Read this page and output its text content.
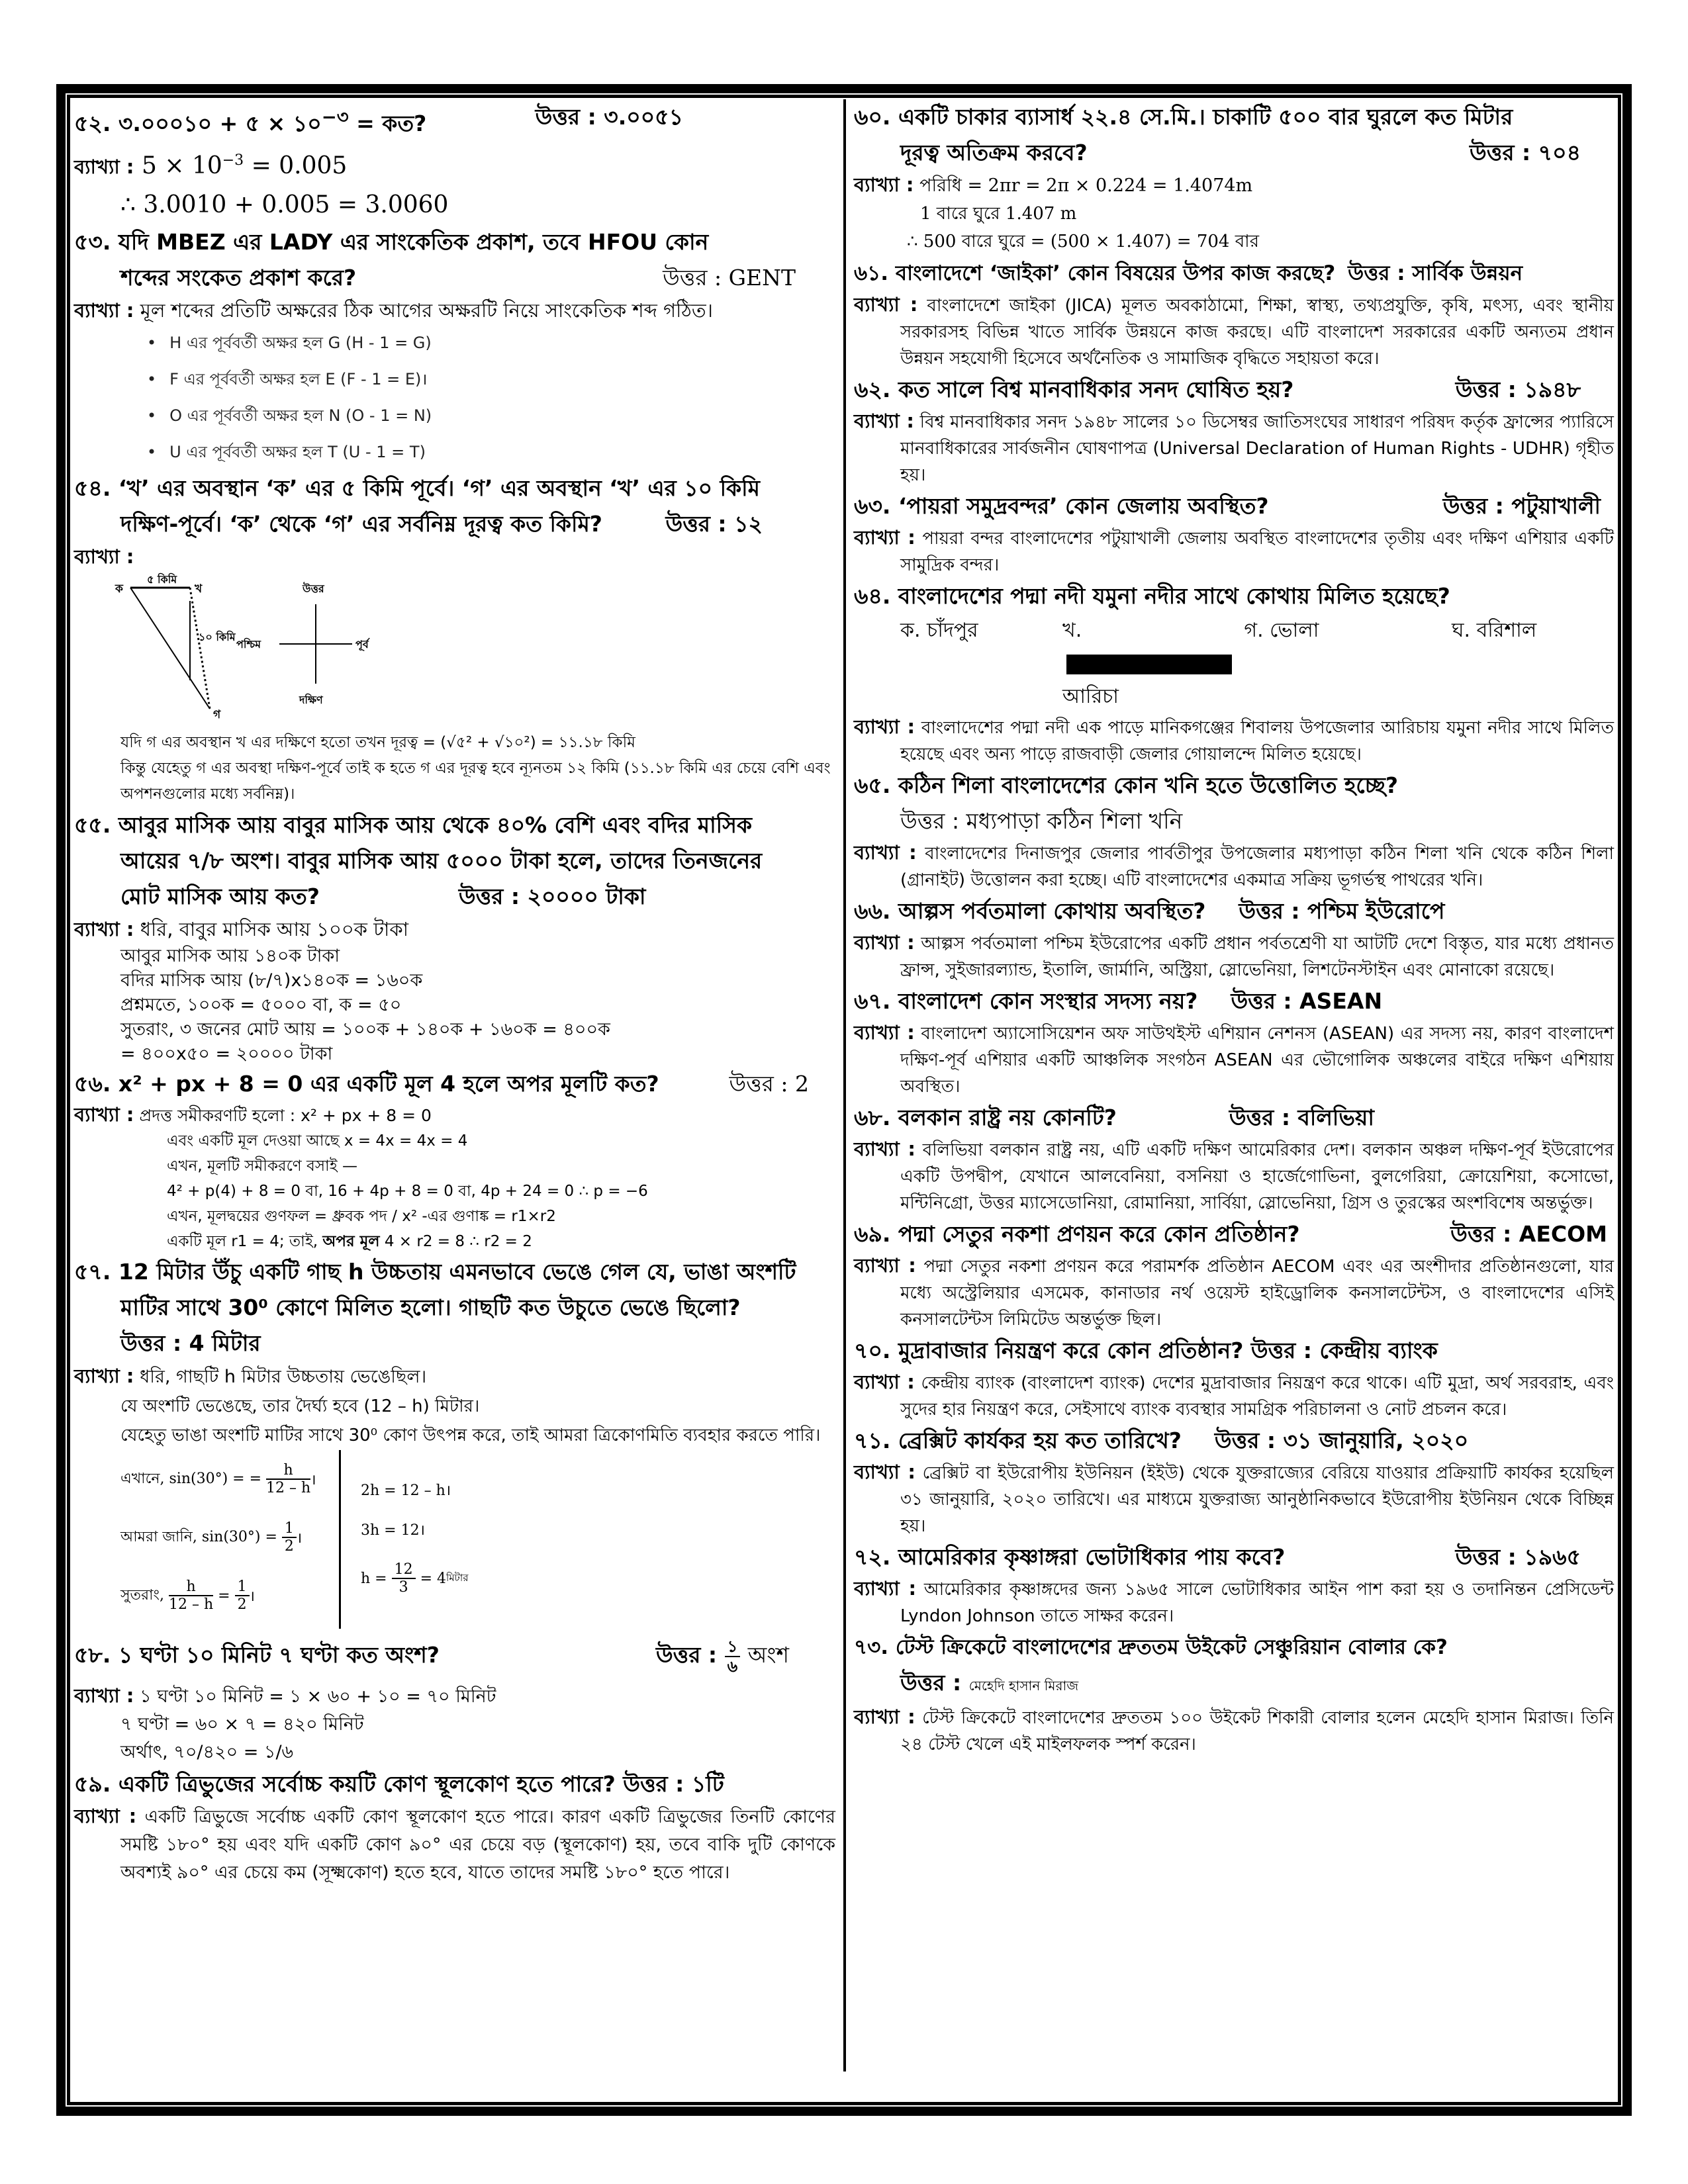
৫২. ৩.০০০১০ + ৫ × $১০^{-৩}$ = কত?	উত্তর : ৩.০০৫১
ব্যাখ্যা : $5 \times 10^{-3} = 0.005$
∴ 3.0010 + 0.005 = 3.0060
৫৩. যদি MBEZ এর LADY এর সাংকেতিক প্রকাশ, তবে HFOU কোন
শব্দের সংকেত প্রকাশ করে?	উত্তর : GENT
ব্যাখ্যা : মূল শব্দের প্রতিটি অক্ষরের ঠিক আগের অক্ষরটি নিয়ে সাংকেতিক শব্দ গঠিত।
• H এর পূর্ববর্তী অক্ষর হল G (H - 1 = G)
• F এর পূর্ববর্তী অক্ষর হল E (F - 1 = E)।
• O এর পূর্ববর্তী অক্ষর হল N (O - 1 = N)
• U এর পূর্ববর্তী অক্ষর হল T (U - 1 = T)
৫৪. ‘খ’ এর অবস্থান ‘ক’ এর ৫ কিমি পূর্বে। ‘গ’ এর অবস্থান ‘খ’ এর ১০ কিমি
দক্ষিণ-পূর্বে। ‘ক’ থেকে ‘গ’ এর সর্বনিম্ন দূরত্ব কত কিমি?	উত্তর : ১২
ব্যাখ্যা :
ক	খ
গ
৫ কিমি
১০ কিমি
উত্তর
দক্ষিণ
পশ্চিম	পূর্ব
যদি গ এর অবস্থান খ এর দক্ষিণে হতো তখন দূরত্ব = (√৫² + √১০²) = ১১.১৮ কিমি
কিন্তু যেহেতু গ এর অবস্থা দক্ষিণ-পূর্বে তাই ক হতে গ এর দূরত্ব হবে ন্যূনতম ১২ কিমি (১১.১৮ কিমি এর চেয়ে বেশি এবং অপশনগুলোর মধ্যে সর্বনিম্ন)।
৫৫. আবুর মাসিক আয় বাবুর মাসিক আয় থেকে ৪০% বেশি এবং বদির মাসিক
আয়ের ৭/৮ অংশ। বাবুর মাসিক আয় ৫০০০ টাকা হলে, তাদের তিনজনের
মোট মাসিক আয় কত?	উত্তর : ২০০০০ টাকা
ব্যাখ্যা : ধরি, বাবুর মাসিক আয় ১০০ক টাকা
আবুর মাসিক আয় ১৪০ক টাকা
বদির মাসিক আয় (৮/৭)x১৪০ক = ১৬০ক
প্রশ্নমতে, ১০০ক = ৫০০০ বা, ক = ৫০
সুতরাং, ৩ জনের মোট আয় = ১০০ক + ১৪০ক + ১৬০ক = ৪০০ক
= ৪০০x৫০ = ২০০০০ টাকা
৫৬. x² + px + 8 = 0 এর একটি মূল 4 হলে অপর মূলটি কত?	উত্তর : 2
ব্যাখ্যা : প্রদত্ত সমীকরণটি হলো : x² + px + 8 = 0
এবং একটি মূল দেওয়া আছে x = 4x = 4x = 4
এখন, মূলটি সমীকরণে বসাই —
4² + p(4) + 8 = 0 বা, 16 + 4p + 8 = 0 বা, 4p + 24 = 0 ∴ p = −6
এখন, মূলদ্বয়ের গুণফল = ধ্রুবক পদ / x² -এর গুণাঙ্ক = r1×r2
একটি মূল r1 = 4; তাই, অপর মূল 4 × r2 = 8 ∴ r2 = 2
৫৭. 12 মিটার উঁচু একটি গাছ h উচ্চতায় এমনভাবে ভেঙে গেল যে, ভাঙা অংশটি
মাটির সাথে 30⁰ কোণে মিলিত হলো। গাছটি কত উচুতে ভেঙে ছিলো?
উত্তর : 4 মিটার
ব্যাখ্যা : ধরি, গাছটি h মিটার উচ্চতায় ভেঙেছিল।
যে অংশটি ভেঙেছে, তার দৈর্ঘ্য হবে (12 – h) মিটার।
যেহেতু ভাঙা অংশটি মাটির সাথে 30⁰ কোণ উৎপন্ন করে, তাই আমরা ত্রিকোণমিতি ব্যবহার করতে পারি।
এখানে, sin(30°) = =
$\frac{h}{12 - h}$ ।
আমরা জানি, sin(30°) =
$\frac{1}{2}$ ।
সুতরাং,
$\frac{h}{12 - h} = \frac{1}{2}$ ।
2h = 12 – h।
3h = 12।
h =
$\frac{12}{3}$
= 4 মিটার
৫৮. ১ ঘণ্টা ১০ মিনিট ৭ ঘণ্টা কত অংশ?	উত্তর : $\frac{১}{৬}$ অংশ
ব্যাখ্যা : ১ ঘণ্টা ১০ মিনিট = ১ × ৬০ + ১০ = ৭০ মিনিট
৭ ঘণ্টা = ৬০ × ৭ = ৪২০ মিনিট
অর্থাৎ, ৭০/৪২০ = ১/৬
৫৯. একটি ত্রিভুজের সর্বোচ্চ কয়টি কোণ স্থূলকোণ হতে পারে? উত্তর : ১টি
ব্যাখ্যা : একটি ত্রিভুজে সর্বোচ্চ একটি কোণ স্থূলকোণ হতে পারে। কারণ একটি ত্রিভুজের তিনটি কোণের সমষ্টি ১৮০° হয় এবং যদি একটি কোণ ৯০° এর চেয়ে বড় (স্থূলকোণ) হয়, তবে বাকি দুটি কোণকে অবশ্যই ৯০° এর চেয়ে কম (সূক্ষ্মকোণ) হতে হবে, যাতে তাদের সমষ্টি ১৮০° হতে পারে।
৬০. একটি চাকার ব্যাসার্ধ ২২.৪ সে.মি.। চাকাটি ৫০০ বার ঘুরলে কত মিটার
দূরত্ব অতিক্রম করবে?	উত্তর : ৭০৪
ব্যাখ্যা : পরিধি = 2πr = 2π × 0.224 = 1.4074m
1 বারে ঘুরে 1.407 m
∴ 500 বারে ঘুরে = (500 × 1.407) = 704 বার
৬১. বাংলাদেশে ‘জাইকা’ কোন বিষয়ের উপর কাজ করছে? উত্তর : সার্বিক উন্নয়ন
ব্যাখ্যা : বাংলাদেশে জাইকা (JICA) মূলত অবকাঠামো, শিক্ষা, স্বাস্থ্য, তথ্যপ্রযুক্তি, কৃষি, মৎস্য, এবং স্থানীয় সরকারসহ বিভিন্ন খাতে সার্বিক উন্নয়নে কাজ করছে। এটি বাংলাদেশ সরকারের একটি অন্যতম প্রধান উন্নয়ন সহযোগী হিসেবে অর্থনৈতিক ও সামাজিক বৃদ্ধিতে সহায়তা করে।
৬২. কত সালে বিশ্ব মানবাধিকার সনদ ঘোষিত হয়?	উত্তর : ১৯৪৮
ব্যাখ্যা : বিশ্ব মানবাধিকার সনদ ১৯৪৮ সালের ১০ ডিসেম্বর জাতিসংঘের সাধারণ পরিষদ কর্তৃক ফ্রান্সের প্যারিসে মানবাধিকারের সার্বজনীন ঘোষণাপত্র (Universal Declaration of Human Rights - UDHR) গৃহীত হয়।
৬৩. ‘পায়রা সমুদ্রবন্দর’ কোন জেলায় অবস্থিত?	উত্তর : পটুয়াখালী
ব্যাখ্যা : পায়রা বন্দর বাংলাদেশের পটুয়াখালী জেলায় অবস্থিত বাংলাদেশের তৃতীয় এবং দক্ষিণ এশিয়ার একটি সামুদ্রিক বন্দর।
৬৪. বাংলাদেশের পদ্মা নদী যমুনা নদীর সাথে কোথায় মিলিত হয়েছে?
ক. চাঁদপুর	খ.আরিচা
গ. ভোলা	ঘ. বরিশাল
ব্যাখ্যা : বাংলাদেশের পদ্মা নদী এক পাড়ে মানিকগঞ্জের শিবালয় উপজেলার আরিচায় যমুনা নদীর সাথে মিলিত হয়েছে এবং অন্য পাড়ে রাজবাড়ী জেলার গোয়ালন্দে মিলিত হয়েছে।
৬৫. কঠিন শিলা বাংলাদেশের কোন খনি হতে উত্তোলিত হচ্ছে?
উত্তর : মধ্যপাড়া কঠিন শিলা খনি
ব্যাখ্যা : বাংলাদেশের দিনাজপুর জেলার পার্বতীপুর উপজেলার মধ্যপাড়া কঠিন শিলা খনি থেকে কঠিন শিলা (গ্রানাইট) উত্তোলন করা হচ্ছে। এটি বাংলাদেশের একমাত্র সক্রিয় ভূগর্ভস্থ পাথরের খনি।
৬৬. আল্পস পর্বতমালা কোথায় অবস্থিত? উত্তর : পশ্চিম ইউরোপে
ব্যাখ্যা : আল্পস পর্বতমালা পশ্চিম ইউরোপের একটি প্রধান পর্বতশ্রেণী যা আটটি দেশে বিস্তৃত, যার মধ্যে প্রধানত ফ্রান্স, সুইজারল্যান্ড, ইতালি, জার্মানি, অস্ট্রিয়া, স্লোভেনিয়া, লিশটেনস্টাইন এবং মোনাকো রয়েছে।
৬৭. বাংলাদেশ কোন সংস্থার সদস্য নয়? উত্তর : ASEAN
ব্যাখ্যা : বাংলাদেশ অ্যাসোসিয়েশন অফ সাউথইস্ট এশিয়ান নেশনস (ASEAN) এর সদস্য নয়, কারণ বাংলাদেশ দক্ষিণ-পূর্ব এশিয়ার একটি আঞ্চলিক সংগঠন ASEAN এর ভৌগোলিক অঞ্চলের বাইরে দক্ষিণ এশিয়ায় অবস্থিত।
৬৮. বলকান রাষ্ট্র নয় কোনটি?	উত্তর : বলিভিয়া
ব্যাখ্যা : বলিভিয়া বলকান রাষ্ট্র নয়, এটি একটি দক্ষিণ আমেরিকার দেশ। বলকান অঞ্চল দক্ষিণ-পূর্ব ইউরোপের একটি উপদ্বীপ, যেখানে আলবেনিয়া, বসনিয়া ও হার্জেগোভিনা, বুলগেরিয়া, ক্রোয়েশিয়া, কসোভো, মন্টিনিগ্রো, উত্তর ম্যাসেডোনিয়া, রোমানিয়া, সার্বিয়া, স্লোভেনিয়া, গ্রিস ও তুরস্কের অংশবিশেষ অন্তর্ভুক্ত।
৬৯. পদ্মা সেতুর নকশা প্রণয়ন করে কোন প্রতিষ্ঠান?	উত্তর : AECOM
ব্যাখ্যা : পদ্মা সেতুর নকশা প্রণয়ন করে পরামর্শক প্রতিষ্ঠান AECOM এবং এর অংশীদার প্রতিষ্ঠানগুলো, যার মধ্যে অস্ট্রেলিয়ার এসমেক, কানাডার নর্থ ওয়েস্ট হাইড্রোলিক কনসালটেন্টস, ও বাংলাদেশের এসিই কনসালটেন্টস লিমিটেড অন্তর্ভুক্ত ছিল।
৭০. মুদ্রাবাজার নিয়ন্ত্রণ করে কোন প্রতিষ্ঠান? উত্তর : কেন্দ্রীয় ব্যাংক
ব্যাখ্যা : কেন্দ্রীয় ব্যাংক (বাংলাদেশ ব্যাংক) দেশের মুদ্রাবাজার নিয়ন্ত্রণ করে থাকে। এটি মুদ্রা, অর্থ সরবরাহ, এবং সুদের হার নিয়ন্ত্রণ করে, সেইসাথে ব্যাংক ব্যবস্থার সামগ্রিক পরিচালনা ও নোট প্রচলন করে।
৭১. ব্রেক্সিট কার্যকর হয় কত তারিখে? উত্তর : ৩১ জানুয়ারি, ২০২০
ব্যাখ্যা : ব্রেক্সিট বা ইউরোপীয় ইউনিয়ন (ইইউ) থেকে যুক্তরাজ্যের বেরিয়ে যাওয়ার প্রক্রিয়াটি কার্যকর হয়েছিল ৩১ জানুয়ারি, ২০২০ তারিখে। এর মাধ্যমে যুক্তরাজ্য আনুষ্ঠানিকভাবে ইউরোপীয় ইউনিয়ন থেকে বিচ্ছিন্ন হয়।
৭২. আমেরিকার কৃষ্ণাঙ্গরা ভোটাধিকার পায় কবে?	উত্তর : ১৯৬৫
ব্যাখ্যা : আমেরিকার কৃষ্ণাঙ্গদের জন্য ১৯৬৫ সালে ভোটাধিকার আইন পাশ করা হয় ও তদানিন্তন প্রেসিডেন্ট Lyndon Johnson তাতে সাক্ষর করেন।
৭৩. টেস্ট ক্রিকেটে বাংলাদেশের দ্রুততম উইকেট সেঞ্চুরিয়ান বোলার কে?
উত্তর : মেহেদি হাসান মিরাজ
ব্যাখ্যা : টেস্ট ক্রিকেটে বাংলাদেশের দ্রুততম ১০০ উইকেট শিকারী বোলার হলেন মেহেদি হাসান মিরাজ। তিনি ২৪ টেস্ট খেলে এই মাইলফলক স্পর্শ করেন।
